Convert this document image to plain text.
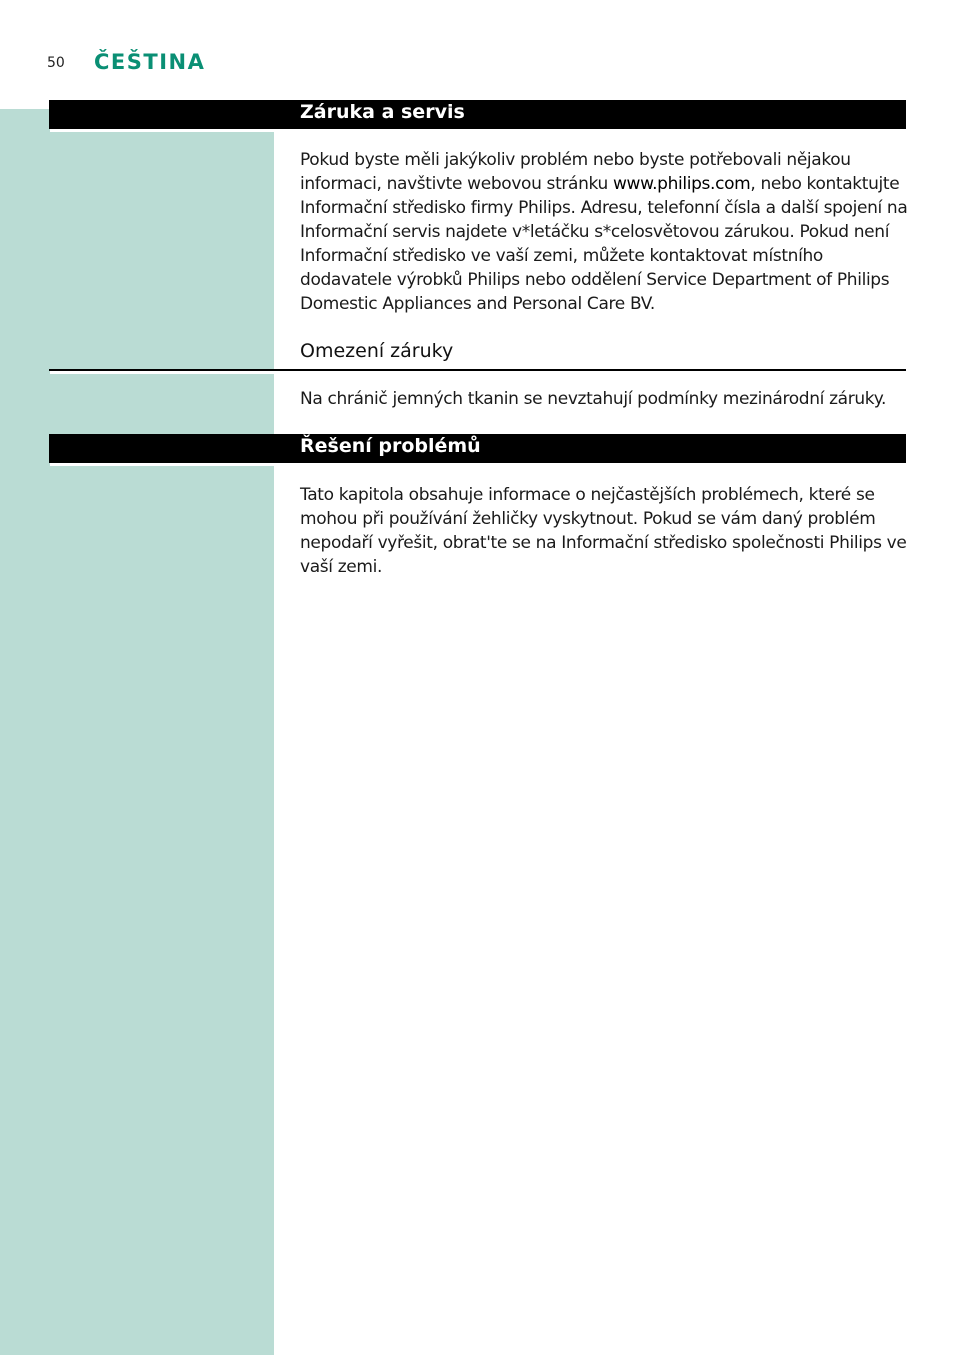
50 ČEŠTINA
Záruka a servis

Pokud byste měli jakýkoliv problém nebo byste potřebovali nějakou informaci, navštivte webovou stránku www.philips.com, nebo kontaktujte Informační středisko firmy Philips. Adresu, telefonní čísla a další spojení na Informační servis najdete v*letáčku s*celosvětovou zárukou. Pokud není Informační středisko ve vaší zemi, můžete kontaktovat místního dodavatele výrobků Philips nebo oddělení Service Department of Philips Domestic Appliances and Personal Care BV.

Omezení záruky

Na chránič jemných tkanin se nevztahují podmínky mezinárodní záruky.

Řešení problémů

Tato kapitola obsahuje informace o nejčastějších problémech, které se mohou při používání žehličky vyskytnout. Pokud se vám daný problém nepodaří vyřešit, obrat'te se na Informační středisko společnosti Philips ve vaší zemi.
